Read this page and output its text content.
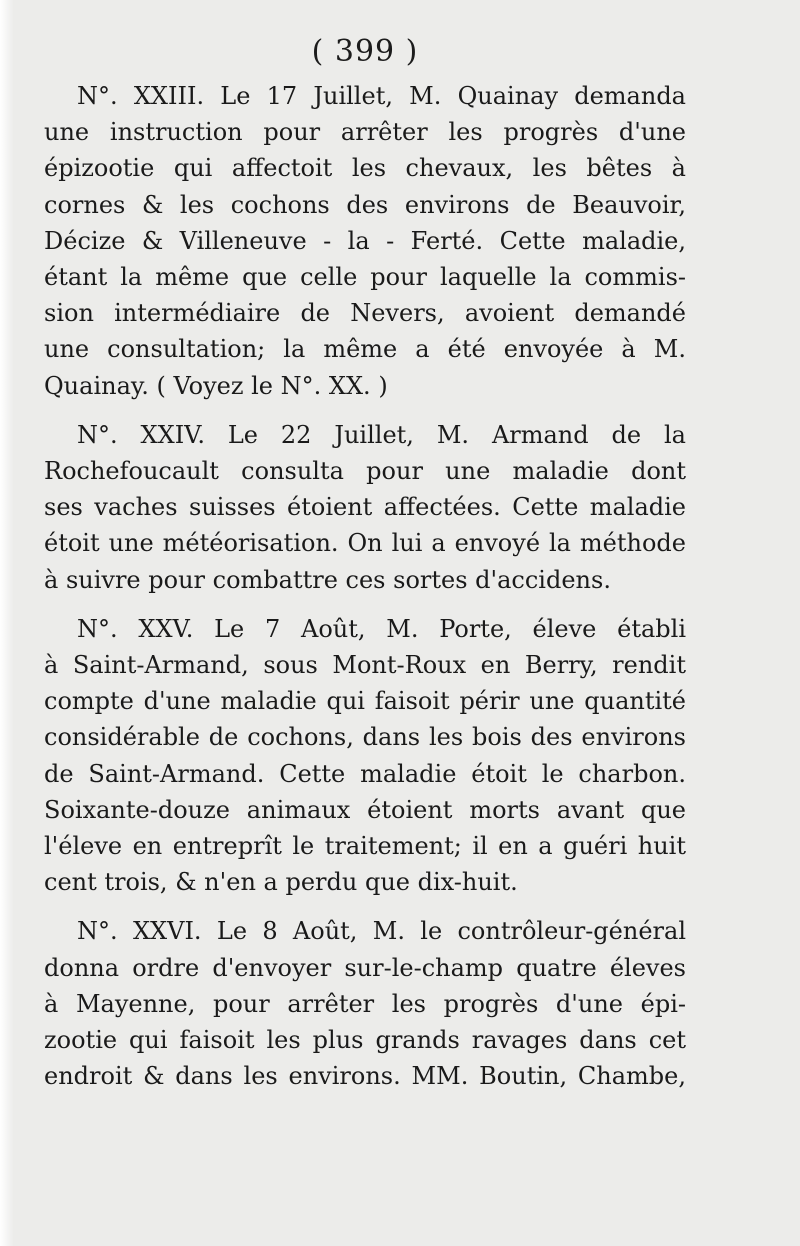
( 399 )

N°. XXIII. Le 17 Juillet, M. Quainay demanda
une instruction pour arrêter les progrès d'une
épizootie qui affectoit les chevaux, les bêtes à
cornes & les cochons des environs de Beauvoir,
Décize & Villeneuve - la - Ferté. Cette maladie,
étant la même que celle pour laquelle la commis-
sion intermédiaire de Nevers, avoient demandé
une consultation; la même a été envoyée à M.
Quainay. ( Voyez le N°. XX. )

N°. XXIV. Le 22 Juillet, M. Armand de la
Rochefoucault consulta pour une maladie dont
ses vaches suisses étoient affectées. Cette maladie
étoit une météorisation. On lui a envoyé la méthode
à suivre pour combattre ces sortes d'accidens.

N°. XXV. Le 7 Août, M. Porte, éleve établi
à Saint-Armand, sous Mont-Roux en Berry, rendit
compte d'une maladie qui faisoit périr une quantité
considérable de cochons, dans les bois des environs
de Saint-Armand. Cette maladie étoit le charbon.
Soixante-douze animaux étoient morts avant que
l'éleve en entreprît le traitement; il en a guéri huit
cent trois, & n'en a perdu que dix-huit.

N°. XXVI. Le 8 Août, M. le contrôleur-général
donna ordre d'envoyer sur-le-champ quatre éleves
à Mayenne, pour arrêter les progrès d'une épi-
zootie qui faisoit les plus grands ravages dans cet
endroit & dans les environs. MM. Boutin, Chambe,
